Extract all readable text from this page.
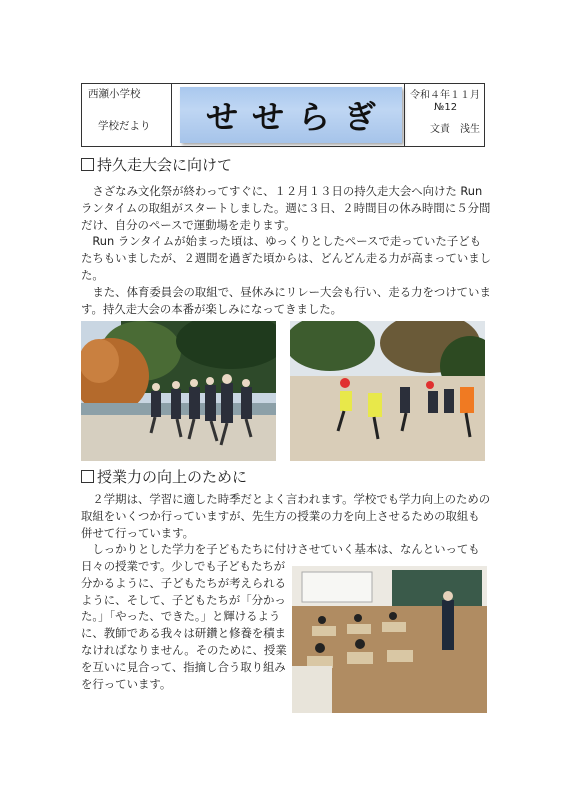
西瀬小学校
学校だより	せせらぎ
令和４年１１月
№12
文責　浅生
持久走大会に向けて
　さざなみ文化祭が終わってすぐに、１２月１３日の持久走大会へ向けた Run
ランタイムの取組がスタートしました。週に３日、２時間目の休み時間に５分間
だけ、自分のペースで運動場を走ります。
　Run ランタイムが始まった頃は、ゆっくりとしたペースで走っていた子ども
たちもいましたが、２週間を過ぎた頃からは、どんどん走る力が高まっていまし
た。
　また、体育委員会の取組で、昼休みにリレー大会も行い、走る力をつけていま
す。持久走大会の本番が楽しみになってきました。
授業力の向上のために
　２学期は、学習に適した時季だとよく言われます。学校でも学力向上のための
取組をいくつか行っていますが、先生方の授業の力を向上させるための取組も
併せて行っています。
　しっかりとした学力を子どもたちに付けさせていく基本は、なんといっても
日々の授業です。少しでも子どもたちが
分かるように、子どもたちが考えられる
ように、そして、子どもたちが「分かっ
た。」「やった、できた。」と輝けるよう
に、教師である我々は研鑽と修養を積ま
なければなりません。そのために、授業
を互いに見合って、指摘し合う取り組み
を行っています。
